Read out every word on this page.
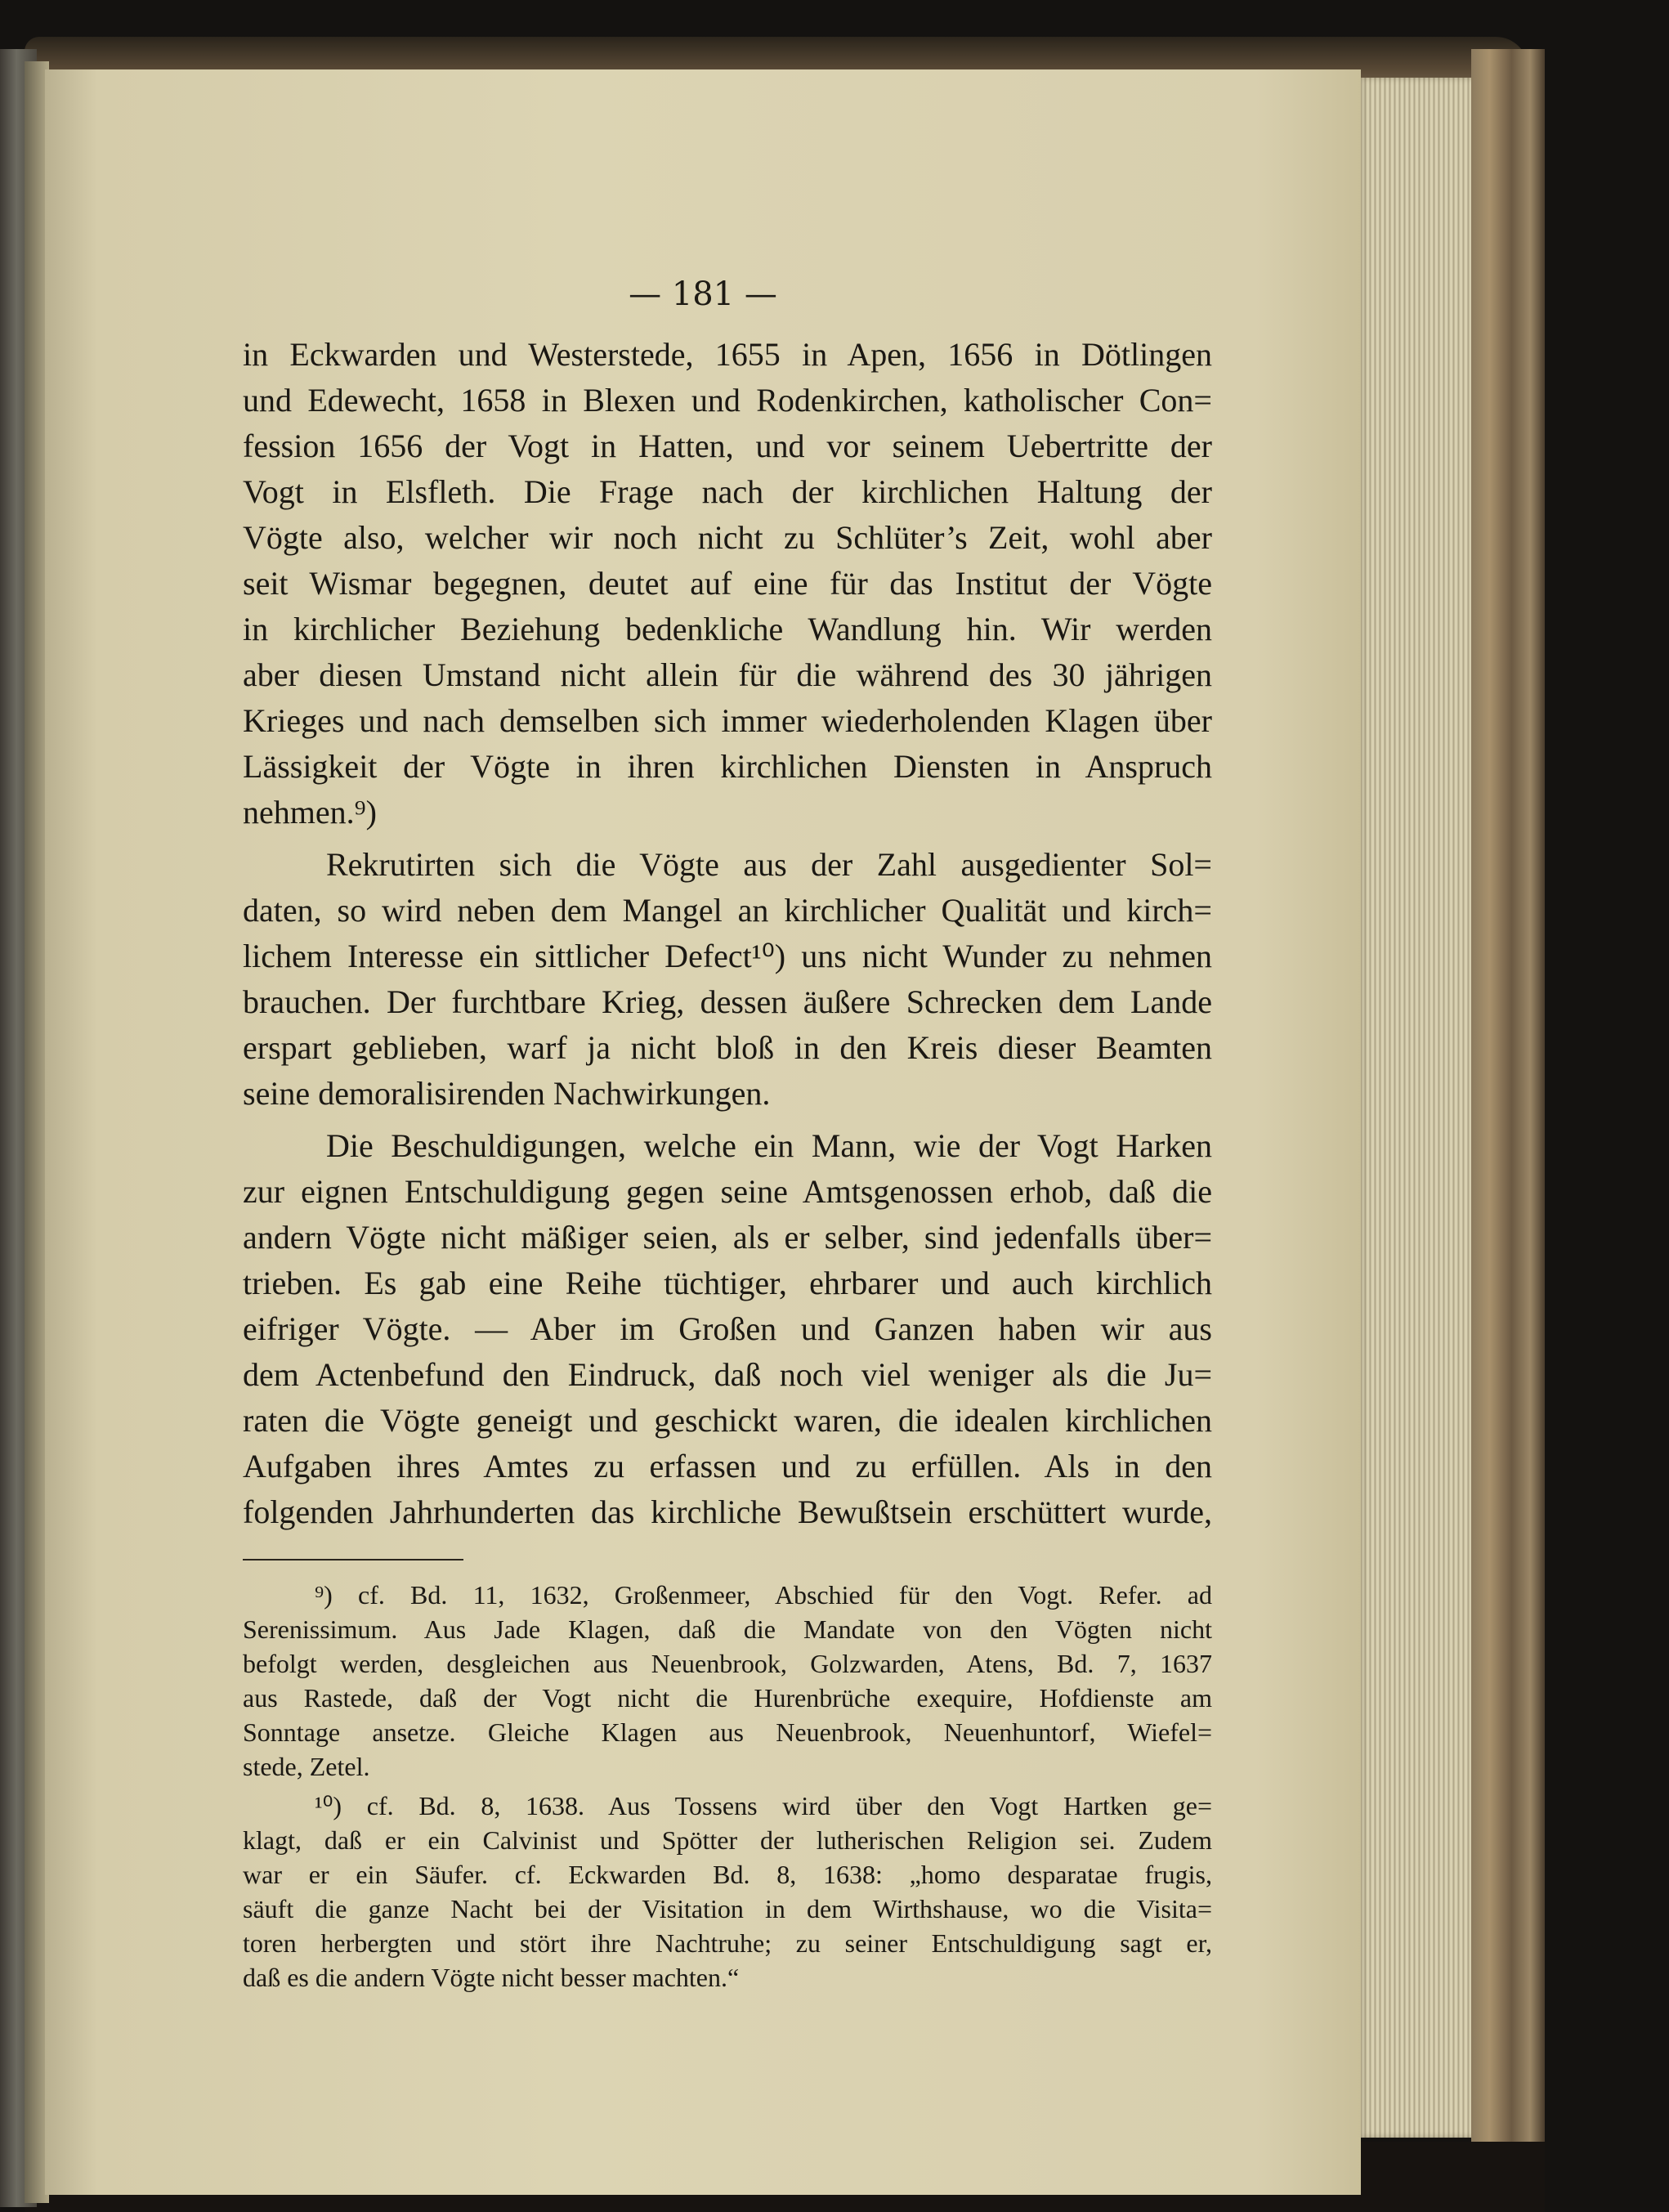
— 181 —
in Eckwarden und Westerstede, 1655 in Apen, 1656 in Dötlingen
und Edewecht, 1658 in Blexen und Rodenkirchen, katholischer Con=
fession 1656 der Vogt in Hatten, und vor seinem Uebertritte der
Vogt in Elsfleth. Die Frage nach der kirchlichen Haltung der
Vögte also, welcher wir noch nicht zu Schlüter’s Zeit, wohl aber
seit Wismar begegnen, deutet auf eine für das Institut der Vögte
in kirchlicher Beziehung bedenkliche Wandlung hin. Wir werden
aber diesen Umstand nicht allein für die während des 30 jährigen
Krieges und nach demselben sich immer wiederholenden Klagen über
Lässigkeit der Vögte in ihren kirchlichen Diensten in Anspruch
nehmen.⁹)
Rekrutirten sich die Vögte aus der Zahl ausgedienter Sol=
daten, so wird neben dem Mangel an kirchlicher Qualität und kirch=
lichem Interesse ein sittlicher Defect¹⁰) uns nicht Wunder zu nehmen
brauchen. Der furchtbare Krieg, dessen äußere Schrecken dem Lande
erspart geblieben, warf ja nicht bloß in den Kreis dieser Beamten
seine demoralisirenden Nachwirkungen.
Die Beschuldigungen, welche ein Mann, wie der Vogt Harken
zur eignen Entschuldigung gegen seine Amtsgenossen erhob, daß die
andern Vögte nicht mäßiger seien, als er selber, sind jedenfalls über=
trieben. Es gab eine Reihe tüchtiger, ehrbarer und auch kirchlich
eifriger Vögte. — Aber im Großen und Ganzen haben wir aus
dem Actenbefund den Eindruck, daß noch viel weniger als die Ju=
raten die Vögte geneigt und geschickt waren, die idealen kirchlichen
Aufgaben ihres Amtes zu erfassen und zu erfüllen. Als in den
folgenden Jahrhunderten das kirchliche Bewußtsein erschüttert wurde,
⁹) cf. Bd. 11, 1632, Großenmeer, Abschied für den Vogt. Refer. ad
Serenissimum. Aus Jade Klagen, daß die Mandate von den Vögten nicht
befolgt werden, desgleichen aus Neuenbrook, Golzwarden, Atens, Bd. 7, 1637
aus Rastede, daß der Vogt nicht die Hurenbrüche exequire, Hofdienste am
Sonntage ansetze. Gleiche Klagen aus Neuenbrook, Neuenhuntorf, Wiefel=
stede, Zetel.
¹⁰) cf. Bd. 8, 1638. Aus Tossens wird über den Vogt Hartken ge=
klagt, daß er ein Calvinist und Spötter der lutherischen Religion sei. Zudem
war er ein Säufer. cf. Eckwarden Bd. 8, 1638: „homo desparatae frugis,
säuft die ganze Nacht bei der Visitation in dem Wirthshause, wo die Visita=
toren herbergten und stört ihre Nachtruhe; zu seiner Entschuldigung sagt er,
daß es die andern Vögte nicht besser machten.“
